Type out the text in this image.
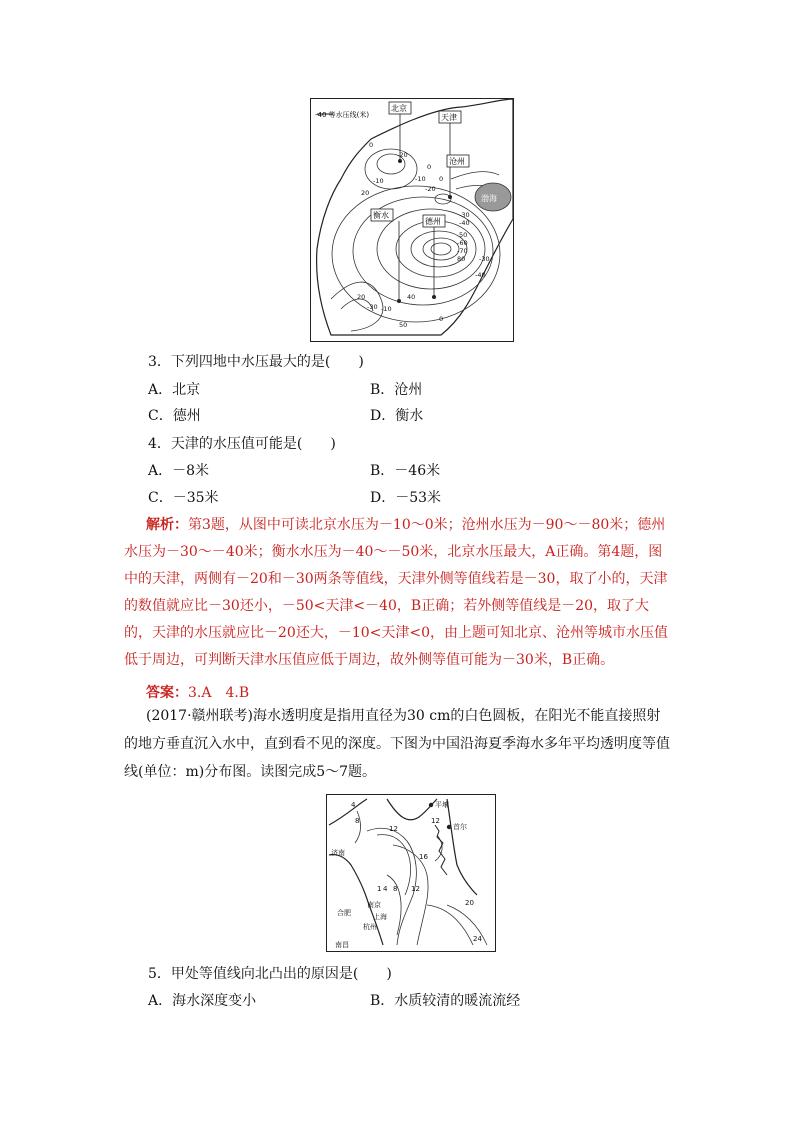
-40 等水压线(米)
渤海
北京
天津
沧州
衡水
德州
-20
0
-10
-20
0
-30
-40
50
-60
-70
80
-10
20
-30
-40
50
0
0
20
-30
40
-10
3．下列四地中水压最大的是(　　)
A．北京	B．沧州
C．德州	D．衡水
4．天津的水压值可能是(　　)
A．－8米	B．－46米
C．－35米	D．－53米
解析：第3题，从图中可读北京水压为－10～0米；沧州水压为－90～－80米；德州水压为－30～－40米；衡水水压为－40～－50米，北京水压最大，A正确。第4题，图中的天津，两侧有－20和－30两条等值线，天津外侧等值线若是－30，取了小的，天津的数值就应比－30还小，－50<天津<－40，B正确；若外侧等值线是－20，取了大的，天津的水压就应比－20还大，－10<天津<0，由上题可知北京、沧州等城市水压值低于周边，可判断天津水压值应低于周边，故外侧等值可能为－30米，B正确。
答案：3.A　4.B
(2017·赣州联考)海水透明度是指用直径为30 cm的白色圆板，在阳光不能直接照射的地方垂直沉入水中，直到看不见的深度。下图为中国沿海夏季海水多年平均透明度等值线(单位：m)分布图。读图完成5～7题。
平壤
首尔
济南
南京
上海
合肥
杭州
南昌
4
8
12
16
12
20
24
1 4 8 12
5．甲处等值线向北凸出的原因是(　　)
A．海水深度变小	B．水质较清的暖流流经
